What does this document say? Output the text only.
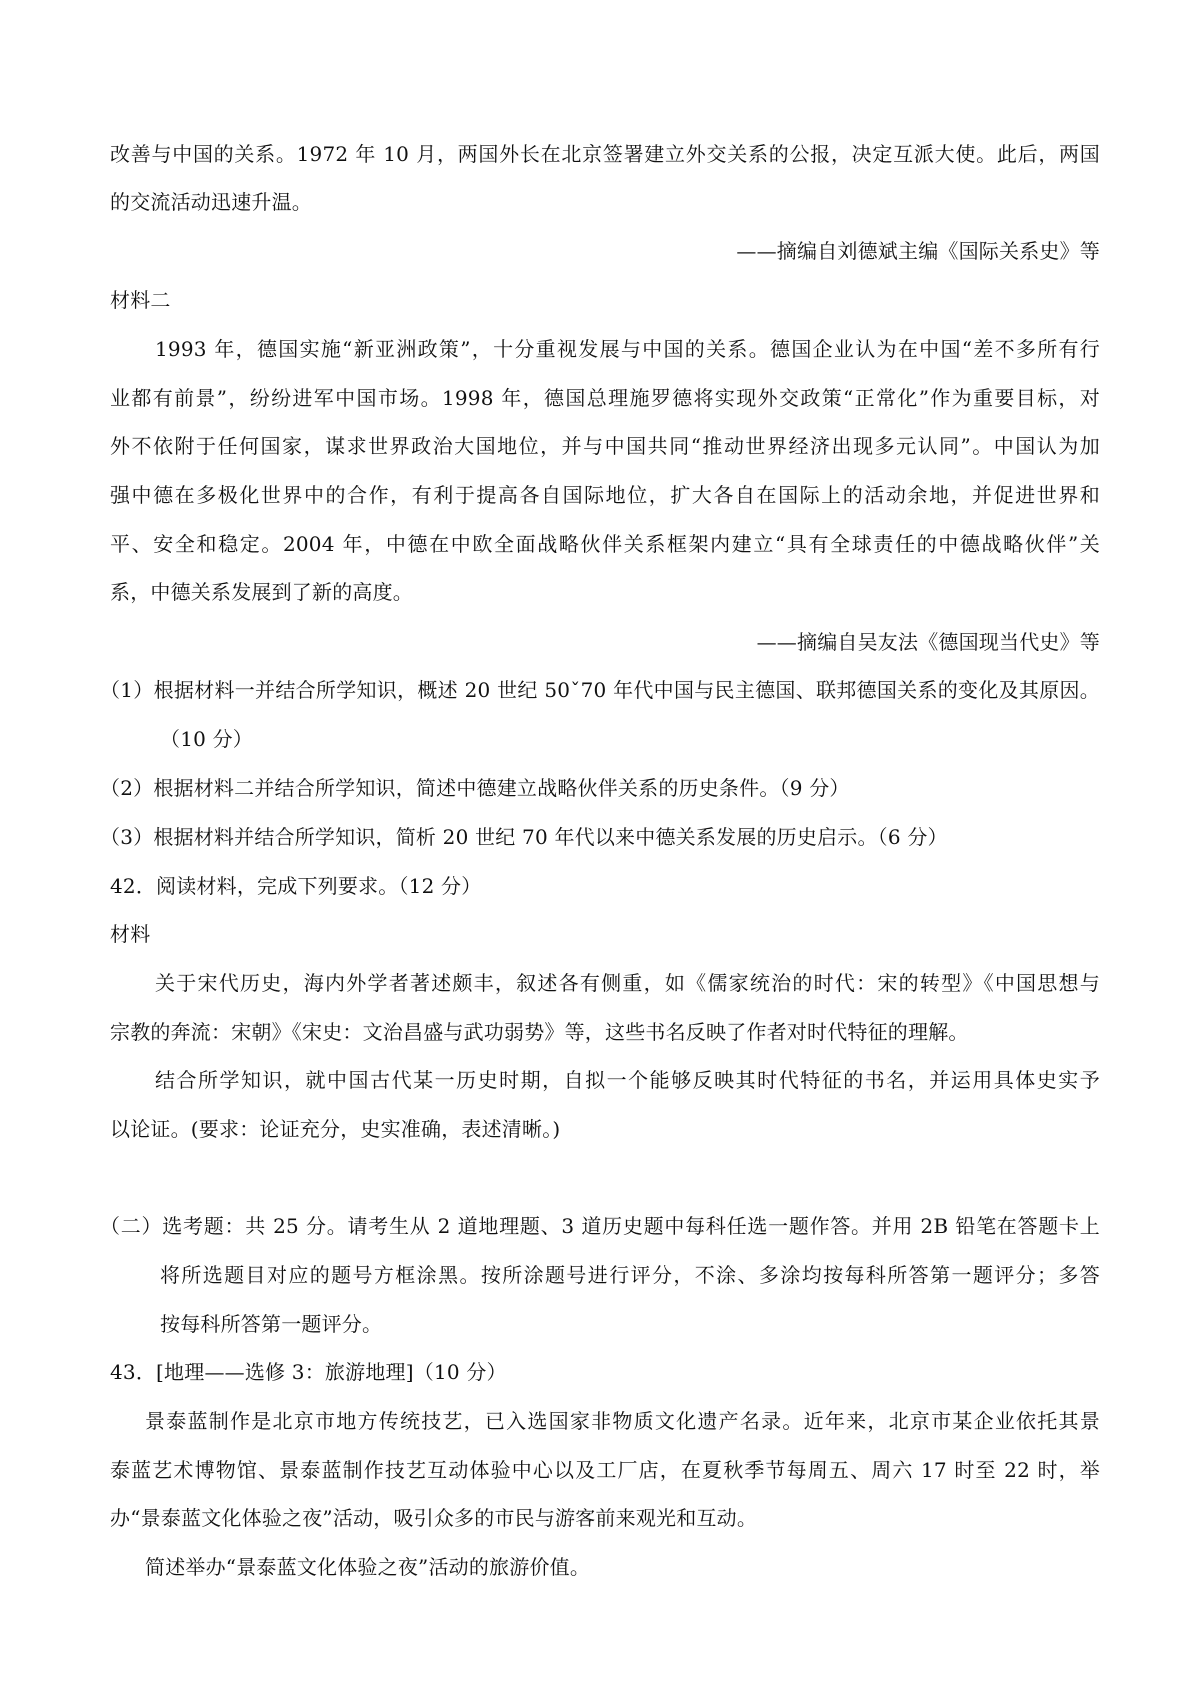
改善与中国的关系。1972 年 10 月，两国外长在北京签署建立外交关系的公报，决定互派大使。此后，两国
的交流活动迅速升温。
——摘编自刘德斌主编《国际关系史》等
材料二
1993 年，德国实施“新亚洲政策”，十分重视发展与中国的关系。德国企业认为在中国“差不多所有行
业都有前景”，纷纷进军中国市场。1998 年，德国总理施罗德将实现外交政策“正常化”作为重要目标，对
外不依附于任何国家，谋求世界政治大国地位，并与中国共同“推动世界经济出现多元认同”。中国认为加
强中德在多极化世界中的合作，有利于提高各自国际地位，扩大各自在国际上的活动余地，并促进世界和
平、安全和稳定。2004 年，中德在中欧全面战略伙伴关系框架内建立“具有全球责任的中德战略伙伴”关
系，中德关系发展到了新的高度。
——摘编自吴友法《德国现当代史》等
（1）根据材料一并结合所学知识，概述 20 世纪 50ˇ70 年代中国与民主德国、联邦德国关系的变化及其原因。
（10 分）
（2）根据材料二并结合所学知识，简述中德建立战略伙伴关系的历史条件。（9 分）
（3）根据材料并结合所学知识，简析 20 世纪 70 年代以来中德关系发展的历史启示。（6 分）
42．阅读材料，完成下列要求。（12 分）
材料
关于宋代历史，海内外学者著述颇丰，叙述各有侧重，如《儒家统治的时代：宋的转型》《中国思想与
宗教的奔流：宋朝》《宋史：文治昌盛与武功弱势》等，这些书名反映了作者对时代特征的理解。
结合所学知识，就中国古代某一历史时期，自拟一个能够反映其时代特征的书名，并运用具体史实予
以论证。(要求：论证充分，史实准确，表述清晰。)
（二）选考题：共 25 分。请考生从 2 道地理题、3 道历史题中每科任选一题作答。并用 2B 铅笔在答题卡上
将所选题目对应的题号方框涂黑。按所涂题号进行评分，不涂、多涂均按每科所答第一题评分；多答
按每科所答第一题评分。
43．[地理——选修 3：旅游地理]（10 分）
景泰蓝制作是北京市地方传统技艺，已入选国家非物质文化遗产名录。近年来，北京市某企业依托其景
泰蓝艺术博物馆、景泰蓝制作技艺互动体验中心以及工厂店，在夏秋季节每周五、周六 17 时至 22 时，举
办“景泰蓝文化体验之夜”活动，吸引众多的市民与游客前来观光和互动。
简述举办“景泰蓝文化体验之夜”活动的旅游价值。
